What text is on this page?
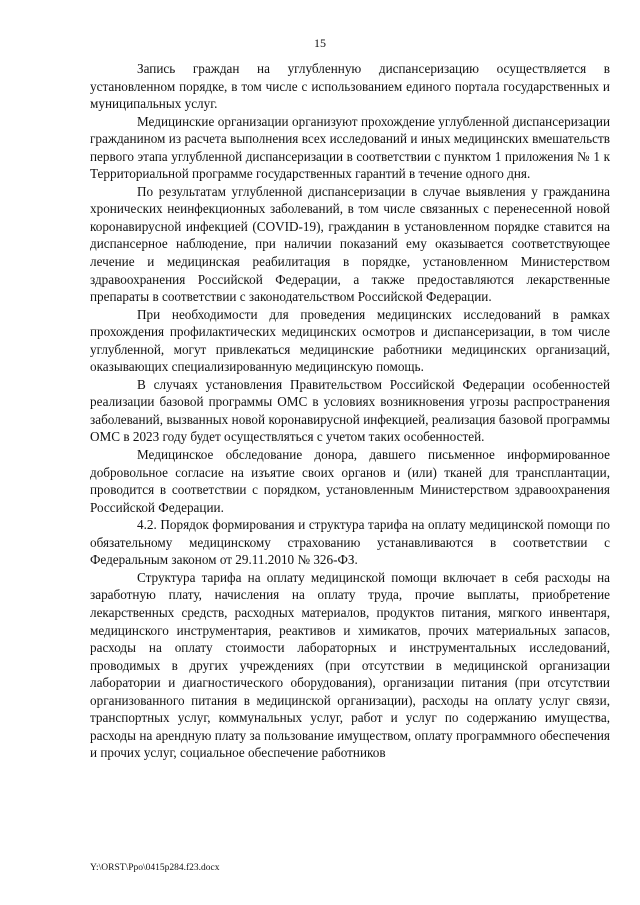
15

Запись граждан на углубленную диспансеризацию осуществляется в установленном порядке, в том числе с использованием единого портала государственных и муниципальных услуг.

Медицинские организации организуют прохождение углубленной диспансеризации гражданином из расчета выполнения всех исследований и иных медицинских вмешательств первого этапа углубленной диспансеризации в соответствии с пунктом 1 приложения № 1 к Территориальной программе государственных гарантий в течение одного дня.

По результатам углубленной диспансеризации в случае выявления у гражданина хронических неинфекционных заболеваний, в том числе связанных с перенесенной новой коронавирусной инфекцией (COVID-19), гражданин в установленном порядке ставится на диспансерное наблюдение, при наличии показаний ему оказывается соответствующее лечение и медицинская реабилитация в порядке, установленном Министерством здравоохранения Российской Федерации, а также предоставляются лекарственные препараты в соответствии с законодательством Российской Федерации.

При необходимости для проведения медицинских исследований в рамках прохождения профилактических медицинских осмотров и диспансеризации, в том числе углубленной, могут привлекаться медицинские работники медицинских организаций, оказывающих специализированную медицинскую помощь.

В случаях установления Правительством Российской Федерации особенностей реализации базовой программы ОМС в условиях возникновения угрозы распространения заболеваний, вызванных новой коронавирусной инфекцией, реализация базовой программы ОМС в 2023 году будет осуществляться с учетом таких особенностей.

Медицинское обследование донора, давшего письменное информированное добровольное согласие на изъятие своих органов и (или) тканей для трансплантации, проводится в соответствии с порядком, установленным Министерством здравоохранения Российской Федерации.

4.2. Порядок формирования и структура тарифа на оплату медицинской помощи по обязательному медицинскому страхованию устанавливаются в соответствии с Федеральным законом от 29.11.2010 № 326-ФЗ.

Структура тарифа на оплату медицинской помощи включает в себя расходы на заработную плату, начисления на оплату труда, прочие выплаты, приобретение лекарственных средств, расходных материалов, продуктов питания, мягкого инвентаря, медицинского инструментария, реактивов и химикатов, прочих материальных запасов, расходы на оплату стоимости лабораторных и инструментальных исследований, проводимых в других учреждениях (при отсутствии в медицинской организации лаборатории и диагностического оборудования), организации питания (при отсутствии организованного питания в медицинской организации), расходы на оплату услуг связи, транспортных услуг, коммунальных услуг, работ и услуг по содержанию имущества, расходы на арендную плату за пользование имуществом, оплату программного обеспечения и прочих услуг, социальное обеспечение работников

Y:\ORST\Ppo\0415p284.f23.docx
